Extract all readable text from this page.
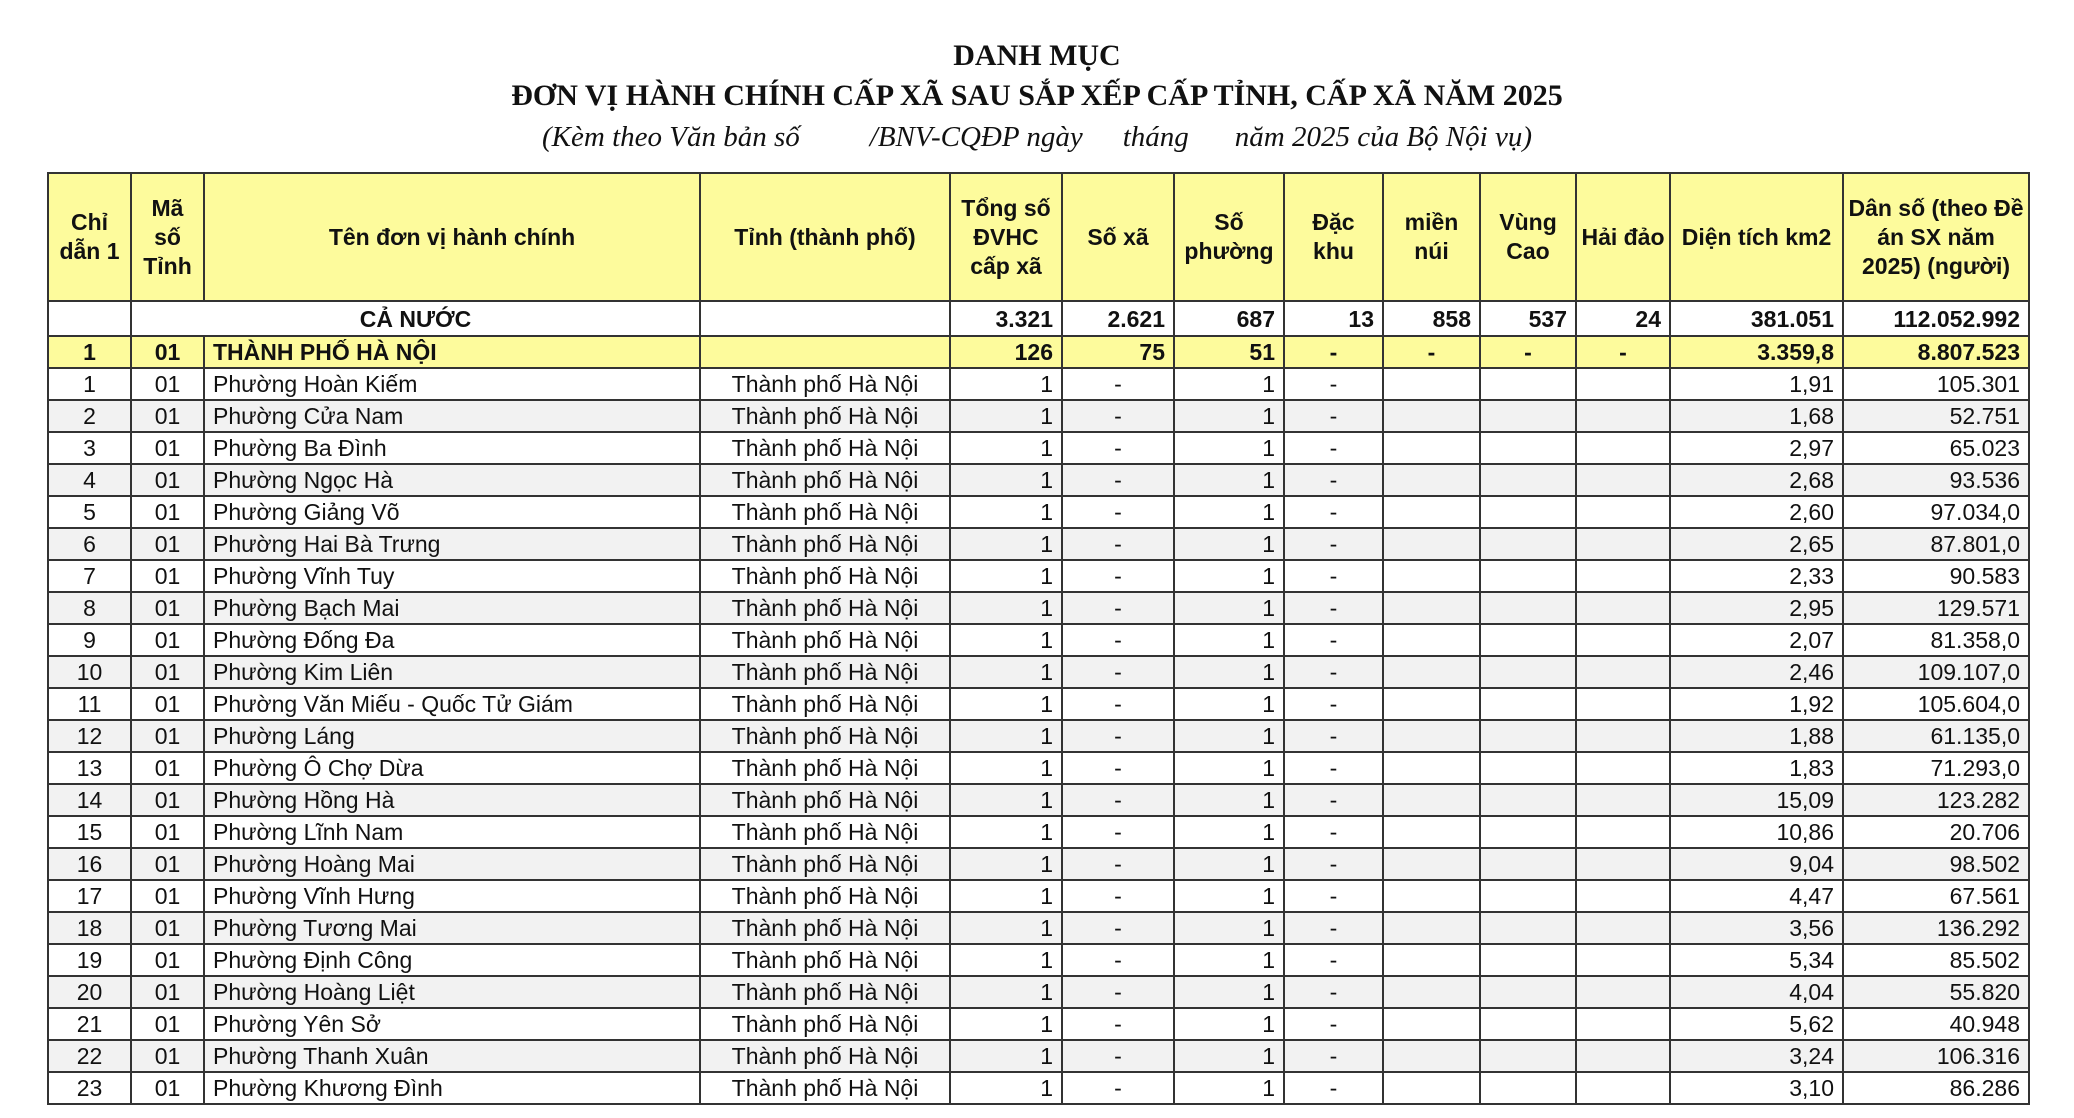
DANH MỤC
ĐƠN VỊ HÀNH CHÍNH CẤP XÃ SAU SẮP XẾP CẤP TỈNH, CẤP XÃ NĂM 2025
(Kèm theo Văn bản số /BNV-CQĐP ngày tháng năm 2025 của Bộ Nội vụ)
Chỉ dẫn 1	Mã số Tỉnh	Tên đơn vị hành chính	Tỉnh (thành phố)	Tổng số ĐVHC cấp xã	Số xã	Số phường	Đặc khu	miền núi	Vùng Cao	Hải đảo	Diện tích km2	Dân số (theo Đề án SX năm 2025) (người)
	CẢ NƯỚC			3.321	2.621	687	13	858	537	24	381.051	112.052.992
1	01	THÀNH PHỐ HÀ NỘI		126	75	51	-	-	-	-	3.359,8	8.807.523
1	01	Phường Hoàn Kiếm	Thành phố Hà Nội	1	-	1	-				1,91	105.301
2	01	Phường Cửa Nam	Thành phố Hà Nội	1	-	1	-				1,68	52.751
3	01	Phường Ba Đình	Thành phố Hà Nội	1	-	1	-				2,97	65.023
4	01	Phường Ngọc Hà	Thành phố Hà Nội	1	-	1	-				2,68	93.536
5	01	Phường Giảng Võ	Thành phố Hà Nội	1	-	1	-				2,60	97.034,0
6	01	Phường Hai Bà Trưng	Thành phố Hà Nội	1	-	1	-				2,65	87.801,0
7	01	Phường Vĩnh Tuy	Thành phố Hà Nội	1	-	1	-				2,33	90.583
8	01	Phường Bạch Mai	Thành phố Hà Nội	1	-	1	-				2,95	129.571
9	01	Phường Đống Đa	Thành phố Hà Nội	1	-	1	-				2,07	81.358,0
10	01	Phường Kim Liên	Thành phố Hà Nội	1	-	1	-				2,46	109.107,0
11	01	Phường Văn Miếu - Quốc Tử Giám	Thành phố Hà Nội	1	-	1	-				1,92	105.604,0
12	01	Phường Láng	Thành phố Hà Nội	1	-	1	-				1,88	61.135,0
13	01	Phường Ô Chợ Dừa	Thành phố Hà Nội	1	-	1	-				1,83	71.293,0
14	01	Phường Hồng Hà	Thành phố Hà Nội	1	-	1	-				15,09	123.282
15	01	Phường Lĩnh Nam	Thành phố Hà Nội	1	-	1	-				10,86	20.706
16	01	Phường Hoàng Mai	Thành phố Hà Nội	1	-	1	-				9,04	98.502
17	01	Phường Vĩnh Hưng	Thành phố Hà Nội	1	-	1	-				4,47	67.561
18	01	Phường Tương Mai	Thành phố Hà Nội	1	-	1	-				3,56	136.292
19	01	Phường Định Công	Thành phố Hà Nội	1	-	1	-				5,34	85.502
20	01	Phường Hoàng Liệt	Thành phố Hà Nội	1	-	1	-				4,04	55.820
21	01	Phường Yên Sở	Thành phố Hà Nội	1	-	1	-				5,62	40.948
22	01	Phường Thanh Xuân	Thành phố Hà Nội	1	-	1	-				3,24	106.316
23	01	Phường Khương Đình	Thành phố Hà Nội	1	-	1	-				3,10	86.286
